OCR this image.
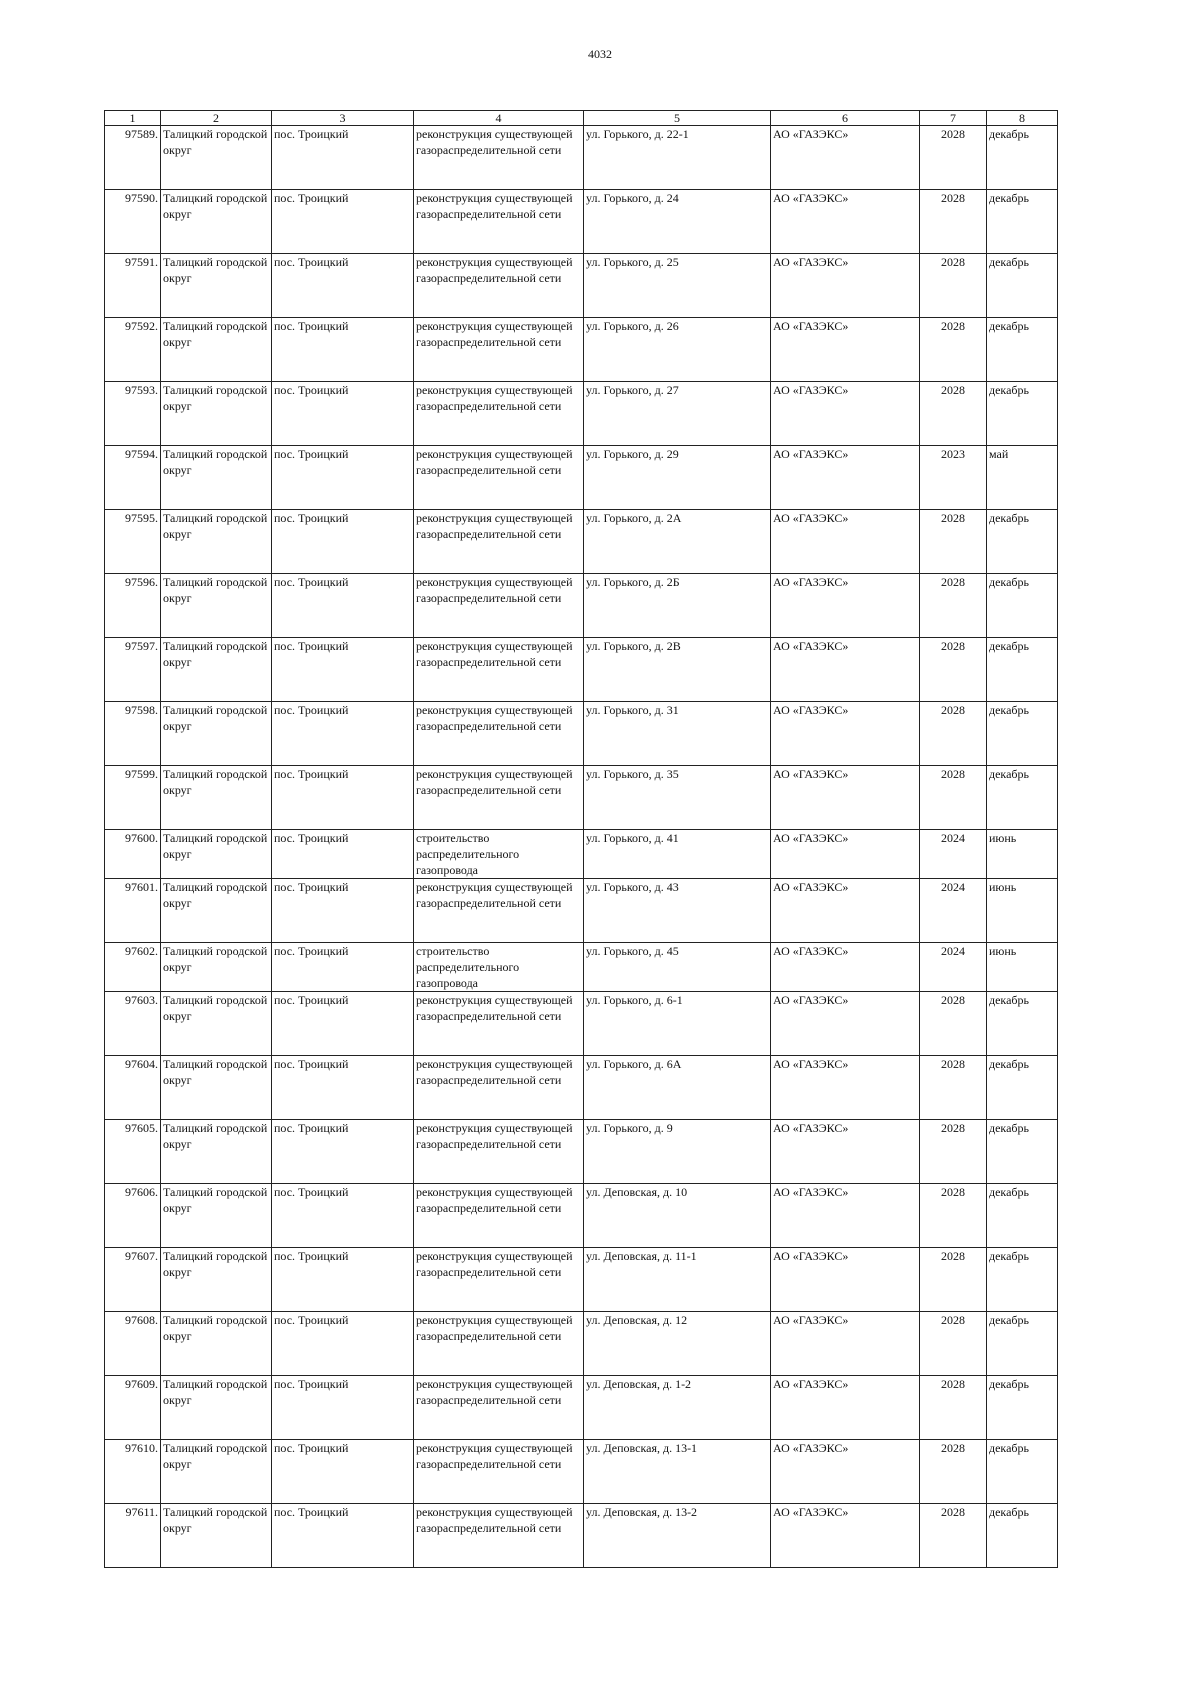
4032
1	2	3	4	5	6	7	8
97589.	Талицкий городской округ	пос. Троицкий	реконструкция существующей газораспределительной сети	ул. Горького, д. 22-1	АО «ГАЗЭКС»	2028	декабрь
97590.	Талицкий городской округ	пос. Троицкий	реконструкция существующей газораспределительной сети	ул. Горького, д. 24	АО «ГАЗЭКС»	2028	декабрь
97591.	Талицкий городской округ	пос. Троицкий	реконструкция существующей газораспределительной сети	ул. Горького, д. 25	АО «ГАЗЭКС»	2028	декабрь
97592.	Талицкий городской округ	пос. Троицкий	реконструкция существующей газораспределительной сети	ул. Горького, д. 26	АО «ГАЗЭКС»	2028	декабрь
97593.	Талицкий городской округ	пос. Троицкий	реконструкция существующей газораспределительной сети	ул. Горького, д. 27	АО «ГАЗЭКС»	2028	декабрь
97594.	Талицкий городской округ	пос. Троицкий	реконструкция существующей газораспределительной сети	ул. Горького, д. 29	АО «ГАЗЭКС»	2023	май
97595.	Талицкий городской округ	пос. Троицкий	реконструкция существующей газораспределительной сети	ул. Горького, д. 2А	АО «ГАЗЭКС»	2028	декабрь
97596.	Талицкий городской округ	пос. Троицкий	реконструкция существующей газораспределительной сети	ул. Горького, д. 2Б	АО «ГАЗЭКС»	2028	декабрь
97597.	Талицкий городской округ	пос. Троицкий	реконструкция существующей газораспределительной сети	ул. Горького, д. 2В	АО «ГАЗЭКС»	2028	декабрь
97598.	Талицкий городской округ	пос. Троицкий	реконструкция существующей газораспределительной сети	ул. Горького, д. 31	АО «ГАЗЭКС»	2028	декабрь
97599.	Талицкий городской округ	пос. Троицкий	реконструкция существующей газораспределительной сети	ул. Горького, д. 35	АО «ГАЗЭКС»	2028	декабрь
97600.	Талицкий городской округ	пос. Троицкий	строительство распределительного газопровода	ул. Горького, д. 41	АО «ГАЗЭКС»	2024	июнь
97601.	Талицкий городской округ	пос. Троицкий	реконструкция существующей газораспределительной сети	ул. Горького, д. 43	АО «ГАЗЭКС»	2024	июнь
97602.	Талицкий городской округ	пос. Троицкий	строительство распределительного газопровода	ул. Горького, д. 45	АО «ГАЗЭКС»	2024	июнь
97603.	Талицкий городской округ	пос. Троицкий	реконструкция существующей газораспределительной сети	ул. Горького, д. 6-1	АО «ГАЗЭКС»	2028	декабрь
97604.	Талицкий городской округ	пос. Троицкий	реконструкция существующей газораспределительной сети	ул. Горького, д. 6А	АО «ГАЗЭКС»	2028	декабрь
97605.	Талицкий городской округ	пос. Троицкий	реконструкция существующей газораспределительной сети	ул. Горького, д. 9	АО «ГАЗЭКС»	2028	декабрь
97606.	Талицкий городской округ	пос. Троицкий	реконструкция существующей газораспределительной сети	ул. Деповская, д. 10	АО «ГАЗЭКС»	2028	декабрь
97607.	Талицкий городской округ	пос. Троицкий	реконструкция существующей газораспределительной сети	ул. Деповская, д. 11-1	АО «ГАЗЭКС»	2028	декабрь
97608.	Талицкий городской округ	пос. Троицкий	реконструкция существующей газораспределительной сети	ул. Деповская, д. 12	АО «ГАЗЭКС»	2028	декабрь
97609.	Талицкий городской округ	пос. Троицкий	реконструкция существующей газораспределительной сети	ул. Деповская, д. 1-2	АО «ГАЗЭКС»	2028	декабрь
97610.	Талицкий городской округ	пос. Троицкий	реконструкция существующей газораспределительной сети	ул. Деповская, д. 13-1	АО «ГАЗЭКС»	2028	декабрь
97611.	Талицкий городской округ	пос. Троицкий	реконструкция существующей газораспределительной сети	ул. Деповская, д. 13-2	АО «ГАЗЭКС»	2028	декабрь
